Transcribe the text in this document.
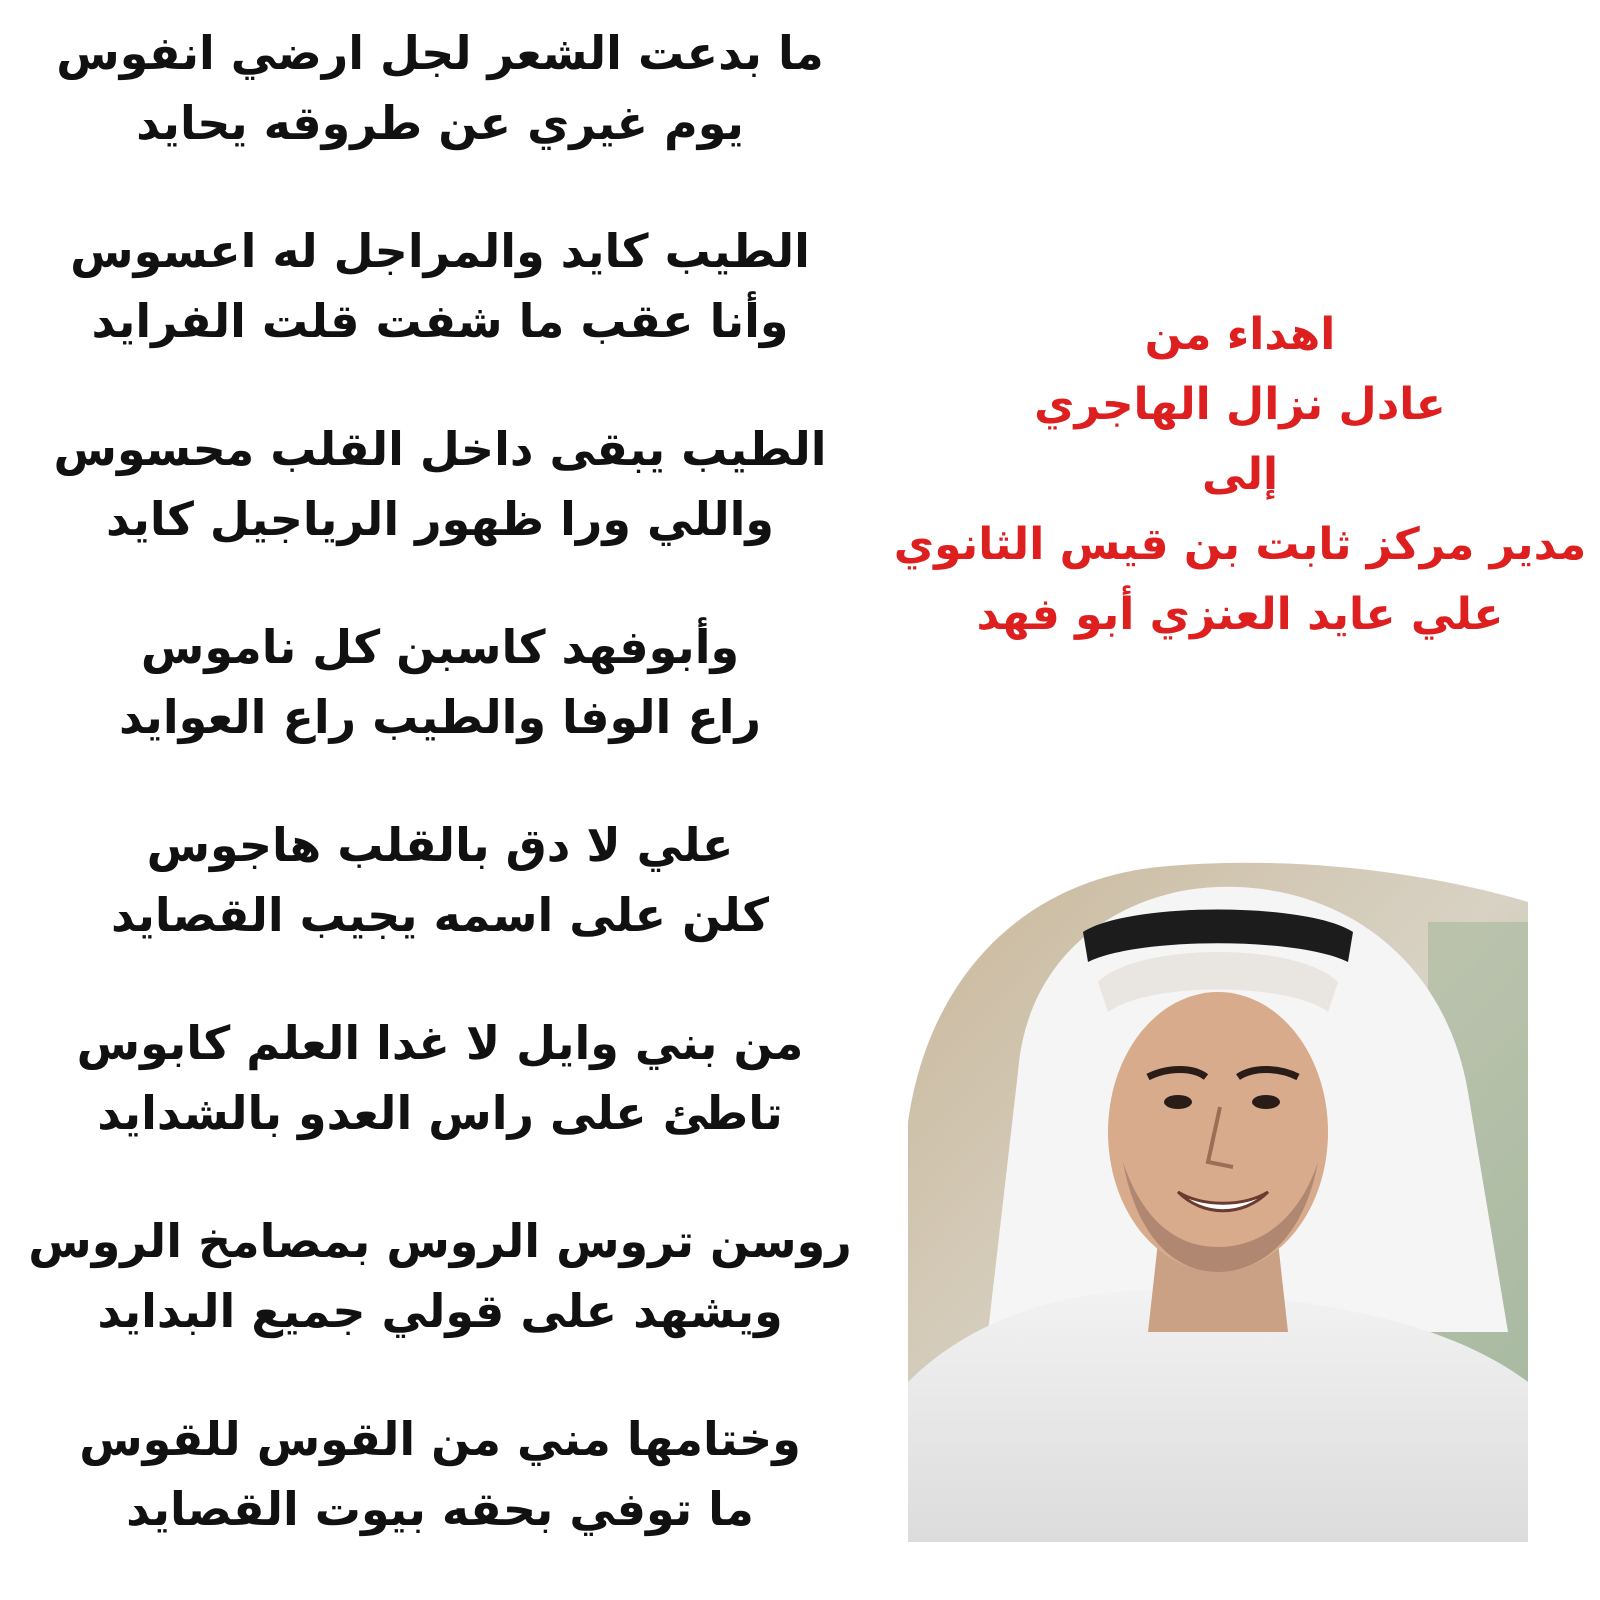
ما بدعت الشعر لجل ارضي انفوس
يوم غيري عن طروقه يحايد
الطيب كايد والمراجل له اعسوس
وأنا عقب ما شفت قلت الفرايد
الطيب يبقى داخل القلب محسوس
واللي ورا ظهور الرياجيل كايد
وأبوفهد كاسبن كل ناموس
راع الوفا والطيب راع العوايد
علي لا دق بالقلب هاجوس
كلن على اسمه يجيب القصايد
من بني وايل لا غدا العلم كابوس
تاطئ على راس العدو بالشدايد
روسن تروس الروس بمصامخ الروس
ويشهد على قولي جميع البدايد
وختامها مني من القوس للقوس
ما توفي بحقه بيوت القصايد
اهداء من
عادل نزال الهاجري
إلى
مدير مركز ثابت بن قيس الثانوي
علي عايد العنزي أبو فهد
